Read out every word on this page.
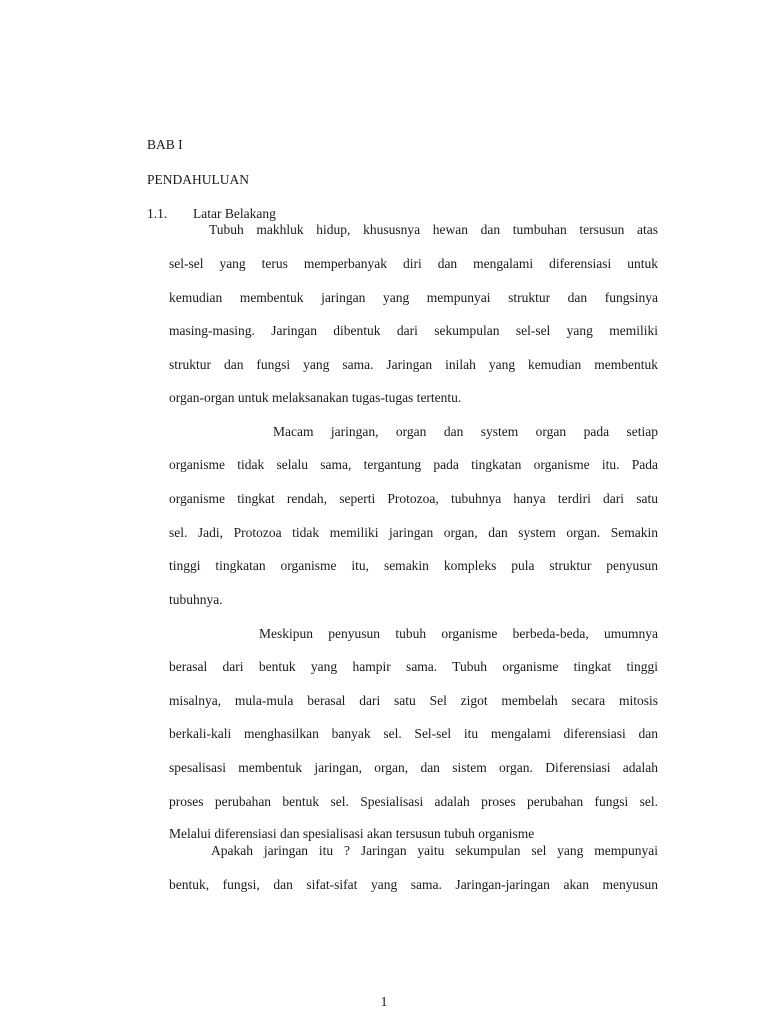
BAB I
PENDAHULUAN
1.1. Latar Belakang
Tubuh makhluk hidup, khususnya hewan dan tumbuhan tersusun atas
sel-sel yang terus memperbanyak diri dan mengalami diferensiasi untuk
kemudian membentuk jaringan yang mempunyai struktur dan fungsinya
masing-masing. Jaringan dibentuk dari sekumpulan sel-sel yang memiliki
struktur dan fungsi yang sama. Jaringan inilah yang kemudian membentuk
organ-organ untuk melaksanakan tugas-tugas tertentu.
Macam jaringan, organ dan system organ pada setiap
organisme tidak selalu sama, tergantung pada tingkatan organisme itu. Pada
organisme tingkat rendah, seperti Protozoa, tubuhnya hanya terdiri dari satu
sel. Jadi, Protozoa tidak memiliki jaringan organ, dan system organ. Semakin
tinggi tingkatan organisme itu, semakin kompleks pula struktur penyusun
tubuhnya.
Meskipun penyusun tubuh organisme berbeda-beda, umumnya
berasal dari bentuk yang hampir sama. Tubuh organisme tingkat tinggi
misalnya, mula-mula berasal dari satu Sel zigot membelah secara mitosis
berkali-kali menghasilkan banyak sel. Sel-sel itu mengalami diferensiasi dan
spesalisasi membentuk jaringan, organ, dan sistem organ. Diferensiasi adalah
proses perubahan bentuk sel. Spesialisasi adalah proses perubahan fungsi sel.
Melalui diferensiasi dan spesialisasi akan tersusun tubuh organisme
Apakah jaringan itu ? Jaringan yaitu sekumpulan sel yang mempunyai
bentuk, fungsi, dan sifat-sifat yang sama. Jaringan-jaringan akan menyusun
1
